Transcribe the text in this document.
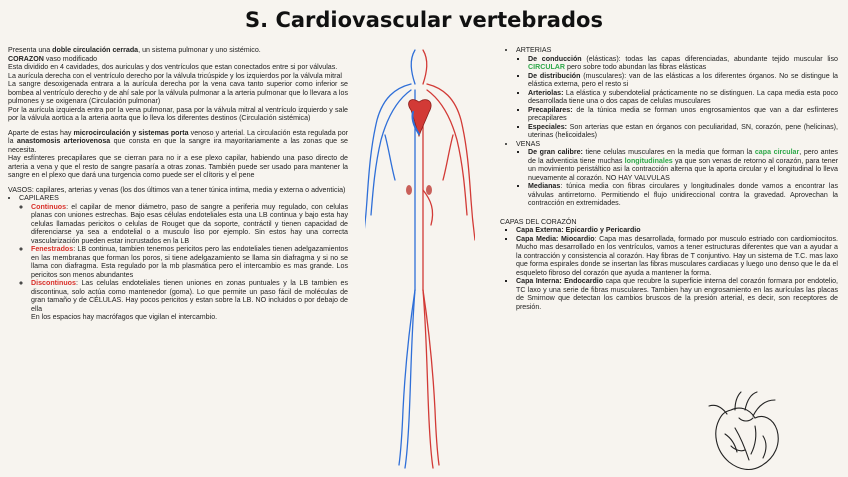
S. Cardiovascular vertebrados

Presenta una doble circulación cerrada, un sistema pulmonar y uno sistémico.

CORAZON vaso modificado

Esta dividido en 4 cavidades, dos auriculas y dos ventrículos que estan conectados entre si por válvulas.

La aurícula derecha con el ventrículo derecho por la válvula tricúspide y los izquierdos por la válvula mitral

La sangre desoxigenada entrara a la aurícula derecha por la vena cava tanto superior como inferior se bombea al ventrículo derecho y de ahí sale por la válvula pulmonar a la arteria pulmonar que lo llevara a los pulmones y se oxigenara (Circulación pulmonar)

Por la aurícula izquierda entra por la vena pulmonar, pasa por la válvula mitral al ventrículo izquierdo y sale por la válvula aortica a la arteria aorta que lo lleva los diferentes destinos (Circulación sistémica)

Aparte de estas hay microcirculación y sistemas porta venoso y arterial. La circulación esta regulada por la anastomosis arteriovenosa que consta en que la sangre ira mayoritariamente a las zonas que se necesita.

Hay esfínteres precapilares que se cierran para no ir a ese plexo capilar, habiendo una paso directo de arteria a vena y que el resto de sangre pasaría a otras zonas. También puede ser usado para mantener la sangre en el plexo que dará una turgencia como puede ser el clítoris y el pene

VASOS: capilares, arterias y venas (los dos últimos van a tener túnica intima, media y externa o adventicia)

• CAPILARES
◦ Continuos: el capilar de menor diámetro, paso de sangre a periferia muy regulado, con celulas planas con uniones estrechas. Bajo esas células endoteliales esta una LB continua y bajo esta hay celulas llamadas pericitos o celulas de Rouget que da soporte, contráctil y tienen capacidad de diferenciarse ya sea a endotelial o a musculo liso por ejemplo. Sin estos hay una correcta vascularización pueden estar incrustados en la LB
◦ Fenestrados: LB continua, tambien tenemos pericitos pero las endoteliales tienen adelgazamientos en las membranas que forman los poros, si tiene adelgazamiento se llama sin diafragma y si no se llama con diafragma. Esta regulado por la mb plasmática pero el intercambio es mas grande. Los pericitos son menos abundantes
◦ Discontinuos: Las celulas endoteliales tienen uniones en zonas puntuales y la LB tambien es discontinua, solo actúa como mantenedor (goma). Lo que permite un paso fácil de moléculas de gran tamaño y de CÉLULAS. Hay pocos pericitos y estan sobre la LB. NO incluidos o por debajo de ella
En los espacios hay macrófagos que vigilan el intercambio.
• ARTERIAS
▪ De conducción (elásticas): todas las capas diferenciadas, abundante tejido muscular liso CIRCULAR pero sobre todo abundan las fibras elásticas
▪ De distribución (musculares): van de las elásticas a los diferentes órganos. No se distingue la elástica externa, pero el resto si
▪ Arteriolas: La elástica y subendotelial prácticamente no se distinguen. La capa media esta poco desarrollada tiene una o dos capas de celulas musculares
▪ Precapilares: de la túnica media se forman unos engrosamientos que van a dar esfínteres precapilares
▪ Especiales: Son arterias que estan en órganos con peculiaridad, SN, corazón, pene (helicinas), uterinas (helicoidales)
• VENAS
▪ De gran calibre: tiene celulas musculares en la media que forman la capa circular, pero antes de la adventicia tiene muchas longitudinales ya que son venas de retorno al corazón, para tener un movimiento peristáltico asi la contracción alterna que la aporta circular y el longitudinal lo lleva nuevamente al corazón. NO HAY VALVULAS
▪ Medianas: túnica media con fibras circulares y longitudinales donde vamos a encontrar las válvulas antirretorno. Permitiendo el flujo unidireccional contra la gravedad. Aprovechan la contracción en extremidades.

CAPAS DEL CORAZÓN

▪ Capa Externa: Epicardio y Pericardio
▪ Capa Media: Miocardio: Capa mas desarrollada, formado por musculo estriado con cardiomiocitos. Mucho mas desarrollado en los ventrículos, vamos a tener estructuras diferentes que van a ayudar a la contracción y consistencia al corazón. Hay fibras de T conjuntivo. Hay un sistema de T.C. mas laxo que forma espirales donde se insertan las fibras musculares cardiacas y luego uno denso que le da el esqueleto fibroso del corazón que ayuda a mantener la forma.
▪ Capa Interna: Endocardio capa que recubre la superficie interna del corazón formara por endotelio, TC laxo y una serie de fibras musculares. Tambien hay un engrosamiento en las aurículas las placas de Smirnow que detectan los cambios bruscos de la presión arterial, es decir, son receptores de presión.
